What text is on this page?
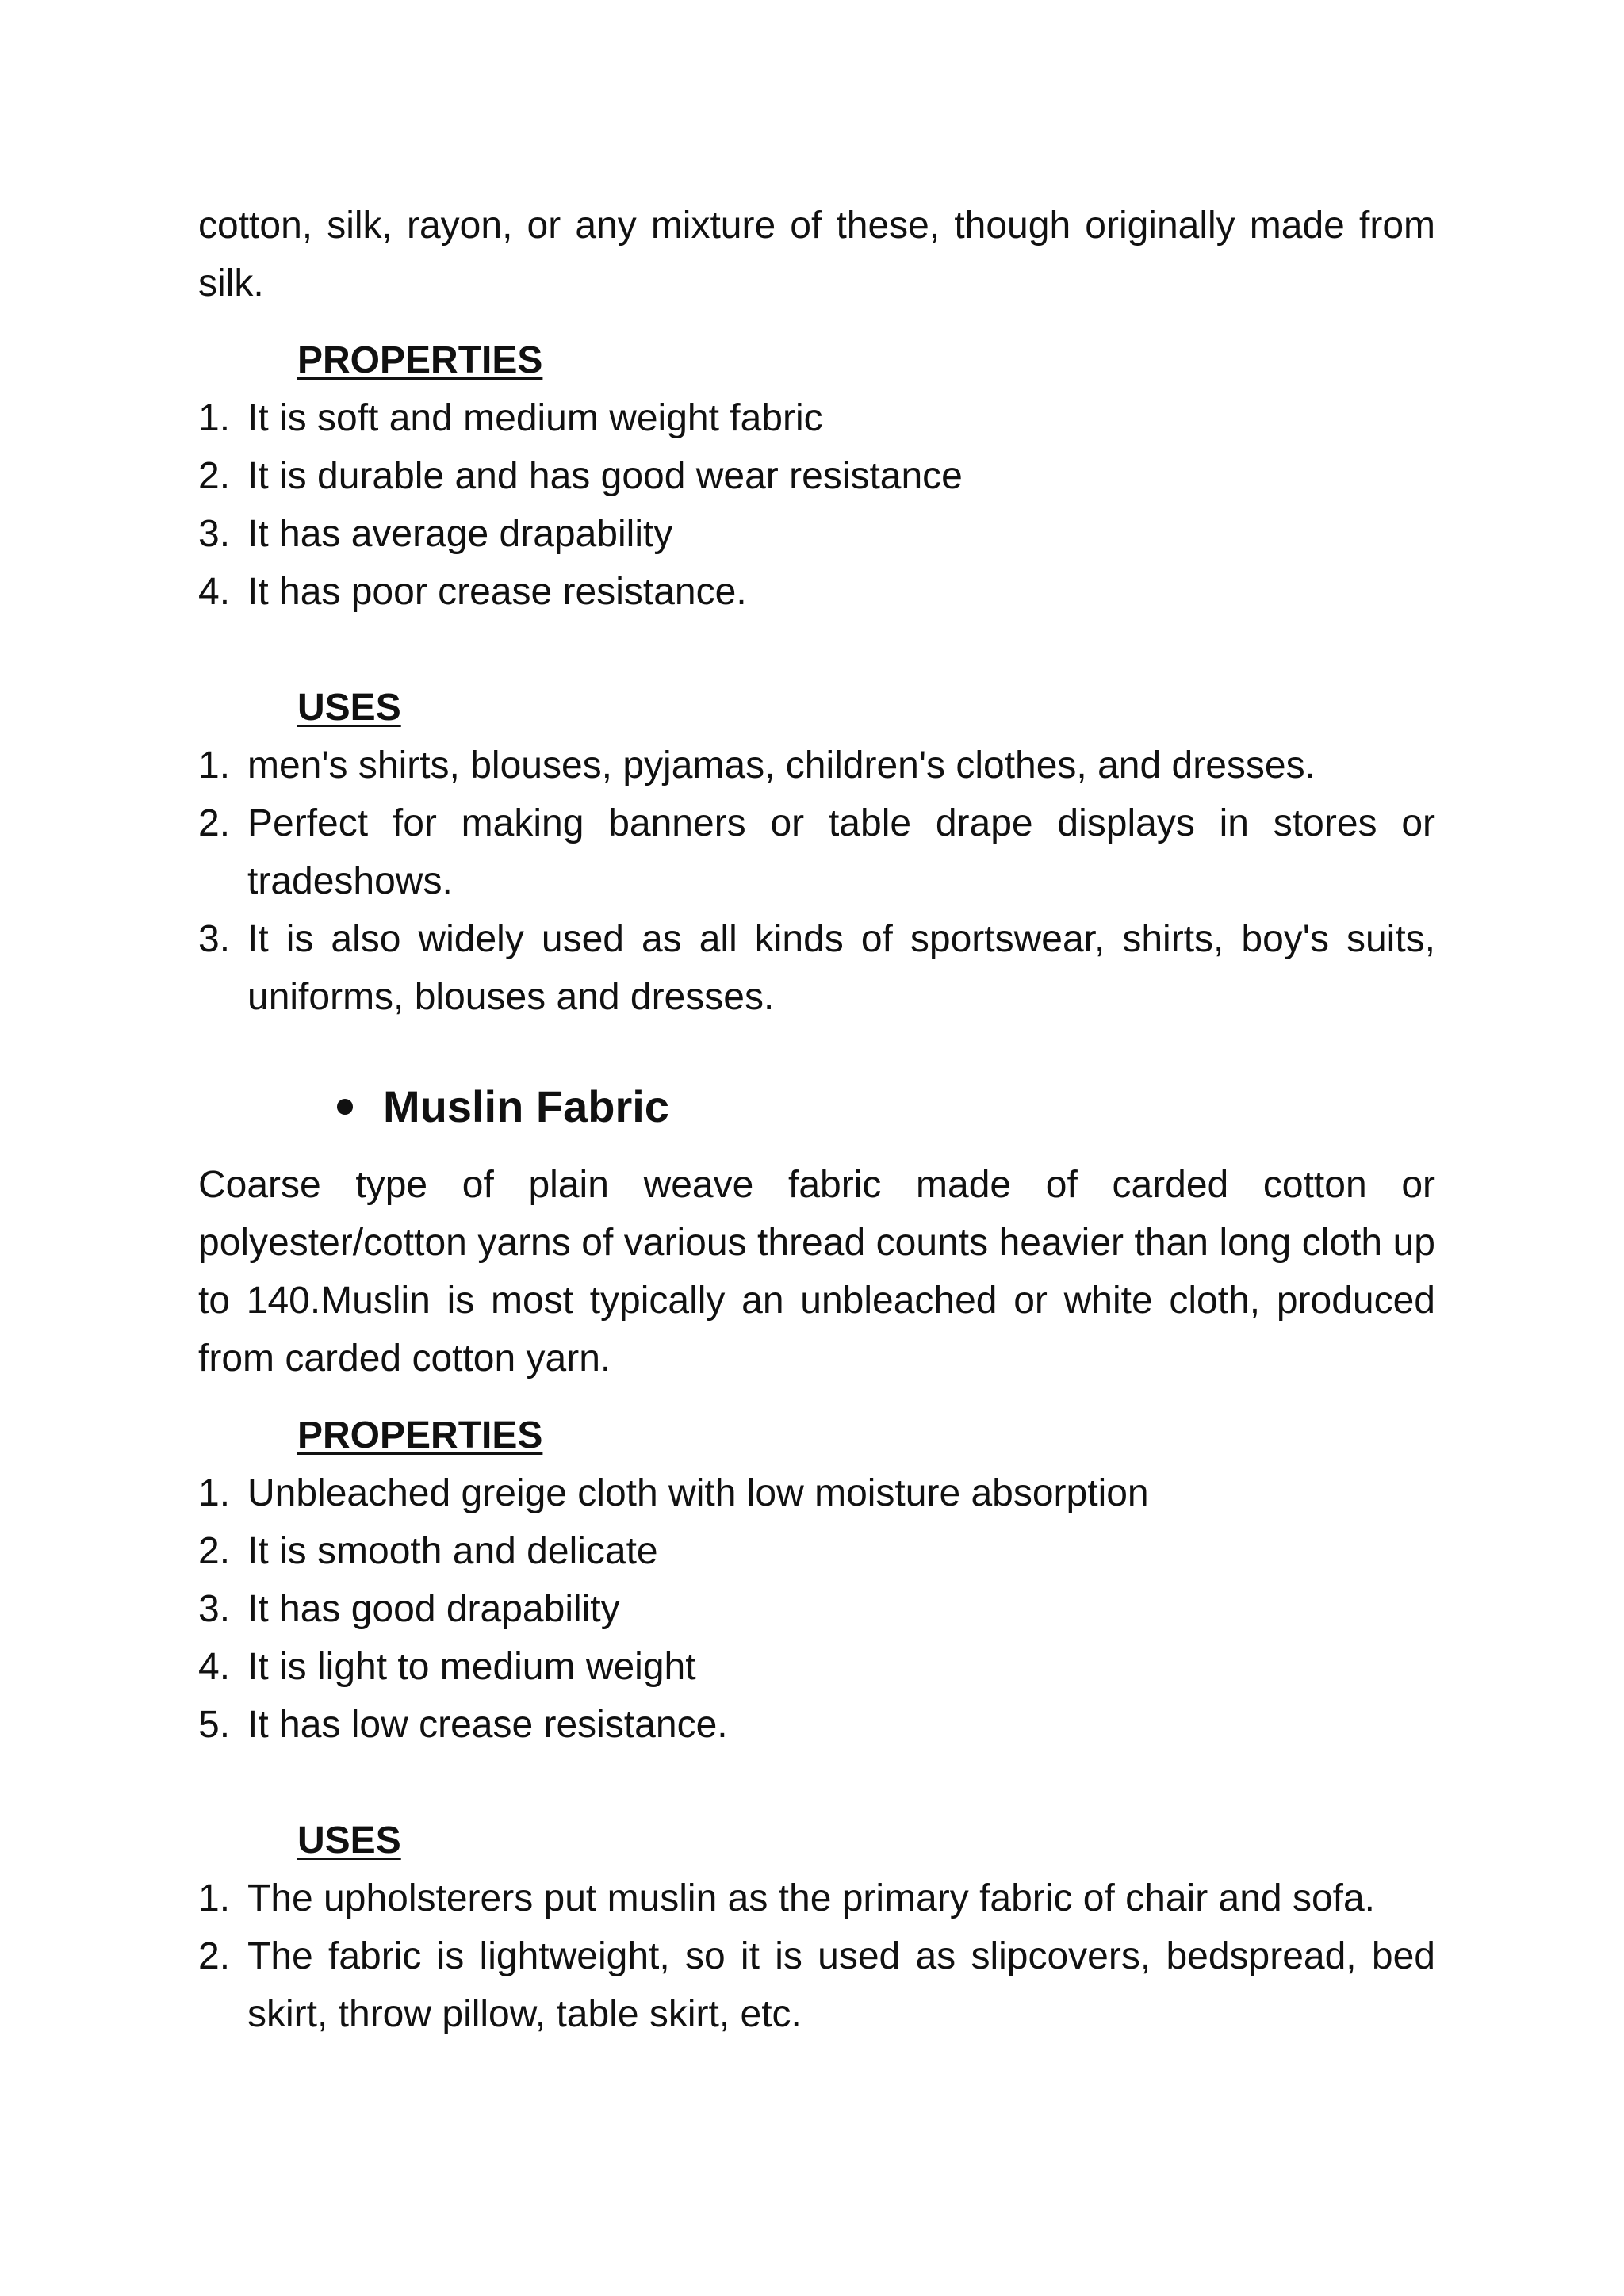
cotton, silk, rayon, or any mixture of these, though originally made from silk.

PROPERTIES
1. It is soft and medium weight fabric
2. It is durable and has good wear resistance
3. It has average drapability
4. It has poor crease resistance.
USES
1. men's shirts, blouses, pyjamas, children's clothes, and dresses.
2. Perfect for making banners or table drape displays in stores or tradeshows.
3. It is also widely used as all kinds of sportswear, shirts, boy's suits, uniforms, blouses and dresses.
Muslin Fabric

Coarse type of plain weave fabric made of carded cotton or polyester/cotton yarns of various thread counts heavier than long cloth up to 140.Muslin is most typically an unbleached or white cloth, produced from carded cotton yarn.

PROPERTIES
1. Unbleached greige cloth with low moisture absorption
2. It is smooth and delicate
3. It has good drapability
4. It is light to medium weight
5. It has low crease resistance.
USES
1. The upholsterers put muslin as the primary fabric of chair and sofa.
2. The fabric is lightweight, so it is used as slipcovers, bedspread, bed skirt, throw pillow, table skirt, etc.
